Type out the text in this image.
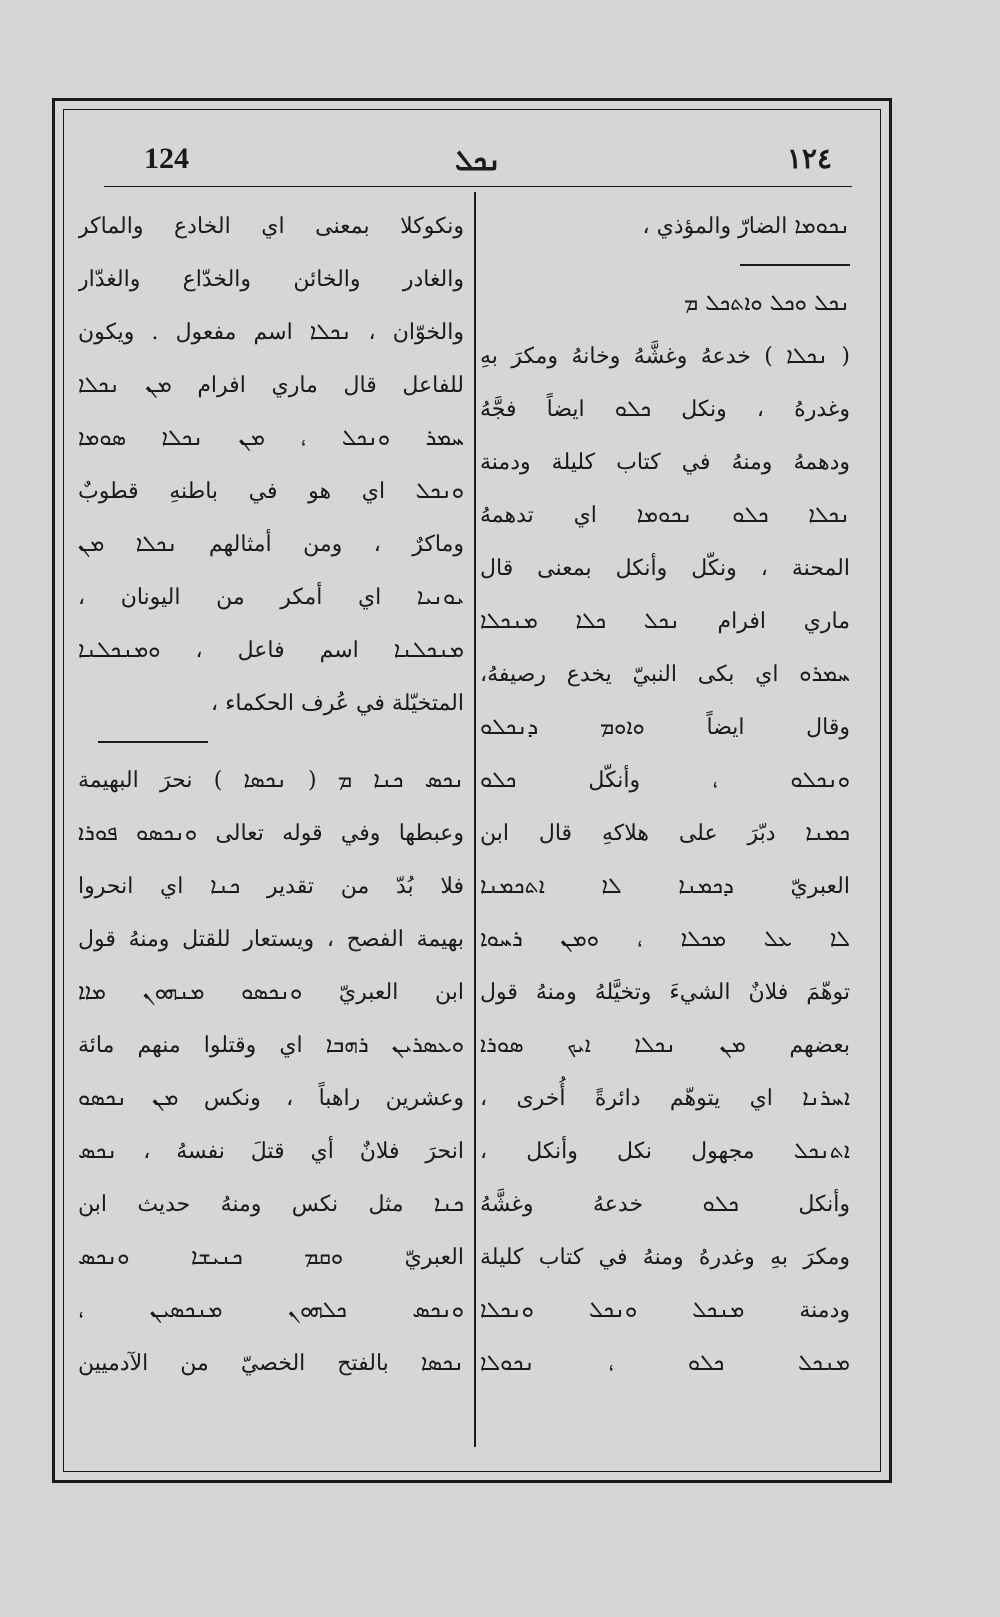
124	ܢܟܠ	١٢٤
ܢܟܘܡܐ الضارّ والمؤذي ،
ܢܟܠ ܘܟܠ ܘܐܬܟܠ ܡ
( ܢܟܠܐ ) خدعهُ وغشَّهُ وخانهُ ومكرَ بهِ
وغدرهُ ، ونكل ܟܠܘ ايضاً فجَّهُ
ودهمهُ ومنهُ في كتاب كليلة ودمنة
ܢܟܠܐ ܟܠܘ ܢܟܘܡܐ اي تدهمهُ
المحنة ، ونكّل وأنكل بمعنى قال
ماري افرام ܢܟܠ ܟܠܐ ܡܢܟܠܐ
ܚܡܪܘ اي بكى النبيّ يخدع رصيفهُ،
وقال ايضاً ܘܐܘܡ ܕܢܟܠܘ
ܘܢܟܠܘ ، وأنكّل ܟܠܘ
ܟܡܢܐ دبّرَ على هلاكهِ قال ابن
العبريّ ܕܟܡܢܐ ܠܐ ܐܬܟܡܢܐ
ܠܐ ܥܠ ܡܟܠܐ ، ܘܡܢ ܪܚܘܐ
توهّمَ فلانٌ الشيءَ وتخيَّلهُ ومنهُ قول
بعضهم ܡܢ ܢܟܠܐ ܐܝܟ ܣܘܪܐ
ܐܚܪܢܐ اي يتوهّم دائرةً أُخرى ،
ܐܬܢܟܠ مجهول نكل وأنكل ،
وأنكل ܟܠܘ خدعهُ وغشَّهُ
ومكرَ بهِ وغدرهُ ومنهُ في كتاب كليلة
ودمنة ܡܢܟܠ ܘܢܟܠ ܘܢܟܠܐ
ܡܢܟܠ ܟܠܘ ، ܢܟܘܠܐ
ونكوكلا بمعنى اي الخادع والماكر
والغادر والخائن والخدّاع والغدّار
والخوّان ، ܢܟܠܐ اسم مفعول . ويكون
للفاعل قال ماري افرام ܡܢ ܢܟܠܐ
ܚܡܪ ܘܢܟܠ ، ܡܢ ܢܟܠܐ ܣܘܡܐ
ܘܢܟܠ اي هو في باطنهِ قطوبٌ
وماكرٌ ، ومن أمثالهم ܢܟܠܐ ܡܢ
ܝܘܢܝܐ اي أمكر من اليونان ،
ܡܢܟܠܢܐ اسم فاعل ، ܘܡܢܟܠܢܐ
المتخيّلة في عُرف الحكماء ،
ܢܟܣ ܟܢܐ ܡ ( ܢܟܣܐ ) نحرَ البهيمة
وعبطها وفي قوله تعالى ܘܢܟܣܘ ܦܘܪܐ
فلا بُدّ من تقدير ܟܢܐ اي انحروا
بهيمة الفصح ، ويستعار للقتل ومنهُ قول
ابن العبريّ ܘܢܟܣܘ ܡܢܗܘܢ ܡܐܐ
ܘܥܣܪܝܢ ܪܗܒܐ اي وقتلوا منهم مائة
وعشرين راهباً ، ونكس ܡܢ ܢܟܣܘ
انحرَ فلانٌ أي قتلَ نفسهُ ، ܢܟܣ
ܟܢܐ مثل نكس ومنهُ حديث ابن
العبريّ ܘܩܡ ܟܢܝܫܐ ܘܢܟܣ
ܘܢܟܣ ܟܠܗܘܢ ܡܢܟܣܝܢ ،
ܢܟܣܐ بالفتح الخصيّ من الآدميين
